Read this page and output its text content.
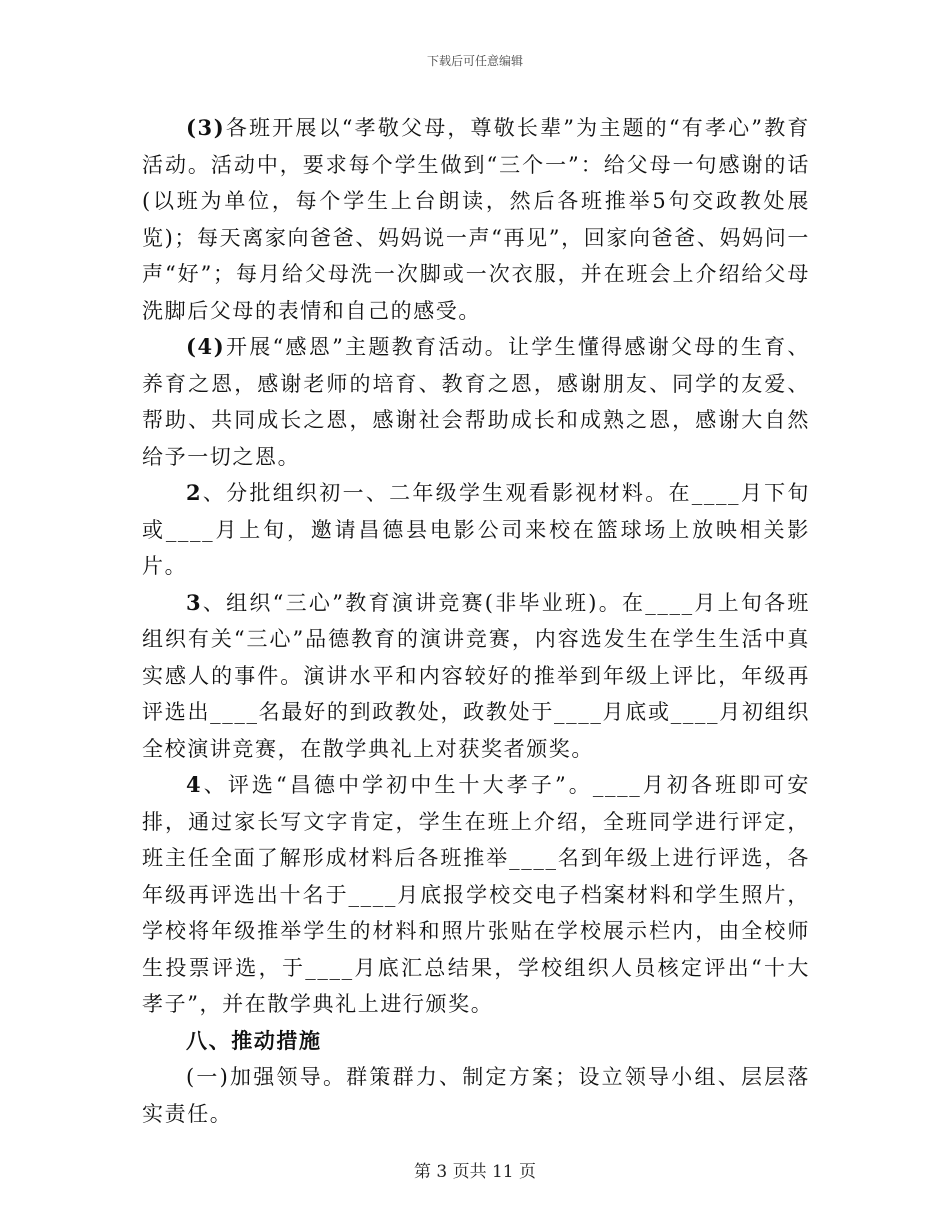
下载后可任意编辑

(3)各班开展以“孝敬父母，尊敬长辈”为主题的“有孝心”教育活动。活动中，要求每个学生做到“三个一”：给父母一句感谢的话(以班为单位，每个学生上台朗读，然后各班推举5句交政教处展览)；每天离家向爸爸、妈妈说一声“再见”，回家向爸爸、妈妈问一声“好”；每月给父母洗一次脚或一次衣服，并在班会上介绍给父母洗脚后父母的表情和自己的感受。

(4)开展“感恩”主题教育活动。让学生懂得感谢父母的生育、养育之恩，感谢老师的培育、教育之恩，感谢朋友、同学的友爱、帮助、共同成长之恩，感谢社会帮助成长和成熟之恩，感谢大自然给予一切之恩。

2、分批组织初一、二年级学生观看影视材料。在____月下旬或____月上旬，邀请昌德县电影公司来校在篮球场上放映相关影片。

3、组织“三心”教育演讲竞赛(非毕业班)。在____月上旬各班组织有关“三心”品德教育的演讲竞赛，内容选发生在学生生活中真实感人的事件。演讲水平和内容较好的推举到年级上评比，年级再评选出____名最好的到政教处，政教处于____月底或____月初组织全校演讲竞赛，在散学典礼上对获奖者颁奖。

4、评选“昌德中学初中生十大孝子”。____月初各班即可安排，通过家长写文字肯定，学生在班上介绍，全班同学进行评定，班主任全面了解形成材料后各班推举____名到年级上进行评选，各年级再评选出十名于____月底报学校交电子档案材料和学生照片，学校将年级推举学生的材料和照片张贴在学校展示栏内，由全校师生投票评选，于____月底汇总结果，学校组织人员核定评出“十大孝子”，并在散学典礼上进行颁奖。

八、推动措施

(一)加强领导。群策群力、制定方案；设立领导小组、层层落实责任。

第 3 页共 11 页
